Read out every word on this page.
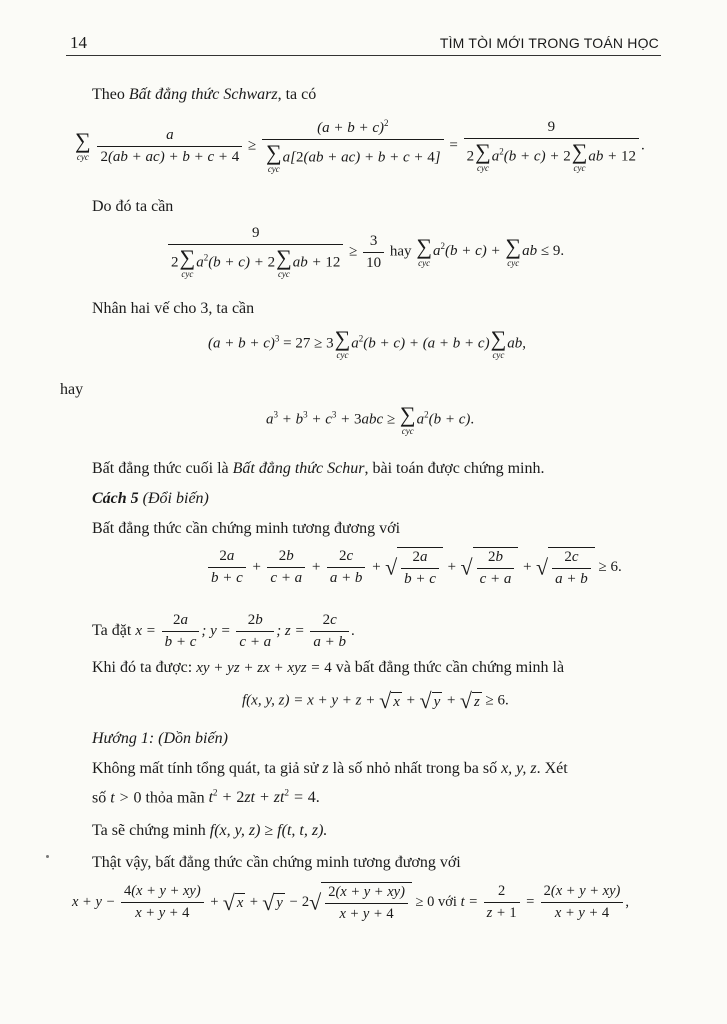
14	TÌM TÒI MỚI TRONG TOÁN HỌC
Theo Bất đẳng thức Schwarz, ta có
∑
cyc
$\frac{a}{2(ab + ac) + b + c + 4} \ge (a + b + c)^2$
∑
cyc
a[2(ab + ac) + b + c + 4] = 9
2 ∑
cyc
$a^2(b + c) + 2$ ∑
cyc
ab + 12 .
Do đó ta cần
9
2 ∑
cyc
$a^2(b + c) + 2$ ∑
cyc
ab + $12 \ge \frac{3}{10}$ hay ∑
cyc
$a^2(b + c)$ + ∑
cyc
ab ≤ 9.
Nhân hai vế cho 3, ta cần
$(a + b + c)^3 = 27 \ge 3$ ∑
cyc
$a^2(b + c) + (a + b + c)$ ∑
cyc
ab,
hay
$a^3 + b^3 + c^3 + 3abc$ ≥ ∑
cyc
$a^2(b + c)$.
Bất đẳng thức cuối là Bất đẳng thức Schur, bài toán được chứng minh.
Cách 5 (Đổi biến)
Bất đẳng thức cần chứng minh tương đương với
$\frac{2a}{b + c} + \frac{2b}{c + a} + \frac{2c}{a + b}$ + √ $\frac{2a}{b + c}$ + √ $\frac{2b}{c + a}$ + √ $\frac{2c}{a + b} \ge 6$.
Ta đặt $x = \frac{2a}{b + c}$ ; $y = \frac{2b}{c + a}$ ; $z = \frac{2c}{a + b}$ .
Khi đó ta được: xy + yz + zx + xyz = 4 và bất đẳng thức cần chứng minh là
f(x, y, z) = x + y + z + √ x + √ y + √ z ≥ 6.
Hướng 1: (Dồn biến)
Không mất tính tổng quát, ta giả sử z là số nhỏ nhất trong ba số x, y, z. Xét
số t > 0 thỏa mãn $t^2 + 2zt + zt^2 = 4$.
Ta sẽ chứng minh f(x, y, z) ≥ f(t, t, z).
Thật vậy, bất đẳng thức cần chứng minh tương đương với
$x + y - \frac{4(x + y + xy)}{x + y + 4}$ + √ x + √ $y - 2√ \frac{2(x + y + xy)}{x + y + 4} \ge 0$ với $t = \frac{2}{z + 1} = \frac{2(x + y + xy)}{x + y + 4}$ ,
